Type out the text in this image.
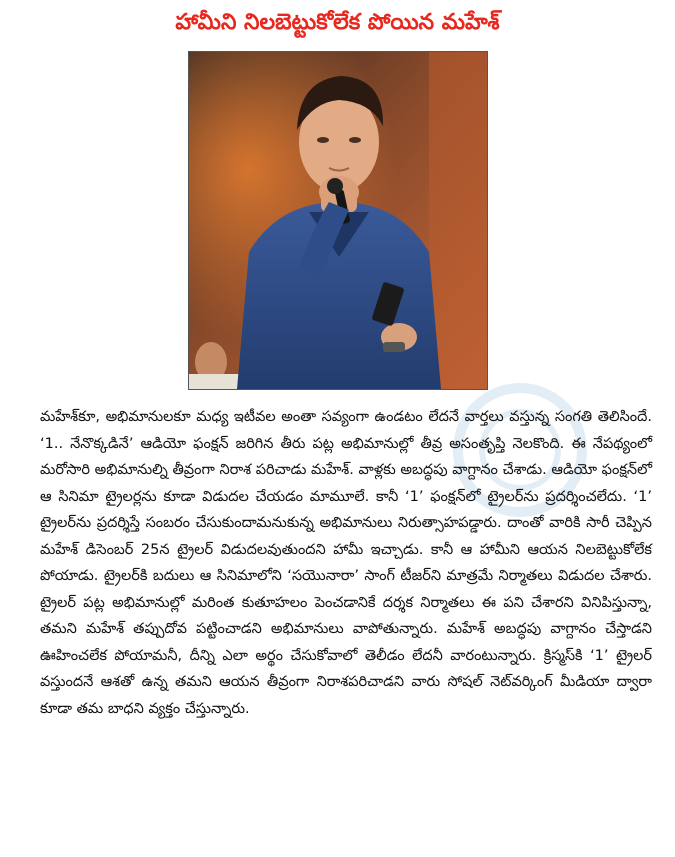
హామీని నిలబెట్టుకోలేక పోయిన మహేశ్

మహేశ్‌కూ, అభిమానులకూ మధ్య ఇటీవల అంతా సవ్యంగా ఉండటం లేదనే వార్తలు వస్తున్న సంగతి తెలిసిందే. ‘1.. నేనొక్కడినే’ ఆడియో ఫంక్షన్ జరిగిన తీరు పట్ల అభిమానుల్లో తీవ్ర అసంతృప్తి నెలకొంది. ఈ నేపథ్యంలో మరోసారి అభిమానుల్ని తీవ్రంగా నిరాశ పరిచాడు మహేశ్. వాళ్లకు అబద్ధపు వాగ్దానం చేశాడు. ఆడియో ఫంక్షన్‌లో ఆ సినిమా ట్రైలర్లను కూడా విడుదల చేయడం మామూలే. కానీ ‘1’ ఫంక్షన్‌లో ట్రైలర్‌ను ప్రదర్శించలేదు. ‘1’ ట్రైలర్‌ను ప్రదర్శిస్తే సంబరం చేసుకుందామనుకున్న అభిమానులు నిరుత్సాహపడ్డారు. దాంతో వారికి సారీ చెప్పిన మహేశ్ డిసెంబర్ 25న ట్రైలర్ విడుదలవుతుందని హామీ ఇచ్చాడు. కానీ ఆ హామీని ఆయన నిలబెట్టుకోలేక పోయాడు. ట్రైలర్‌కి బదులు ఆ సినిమాలోని ‘సయొనారా’ సాంగ్ టీజర్‌ని మాత్రమే నిర్మాతలు విడుదల చేశారు. ట్రైలర్ పట్ల అభిమానుల్లో మరింత కుతూహలం పెంచడానికే దర్శక నిర్మాతలు ఈ పని చేశారని వినిపిస్తున్నా, తమని మహేశ్ తప్పుదోవ పట్టించాడని అభిమానులు వాపోతున్నారు. మహేశ్ అబద్ధపు వాగ్దానం చేస్తాడని ఊహించలేక పోయామనీ, దీన్ని ఎలా అర్థం చేసుకోవాలో తెలీడం లేదనీ వారంటున్నారు. క్రిస్మస్‌కి ‘1’ ట్రైలర్ వస్తుందనే ఆశతో ఉన్న తమని ఆయన తీవ్రంగా నిరాశపరిచాడని వారు సోషల్ నెట్‌వర్కింగ్ మీడియా ద్వారా కూడా తమ బాధని వ్యక్తం చేస్తున్నారు.
